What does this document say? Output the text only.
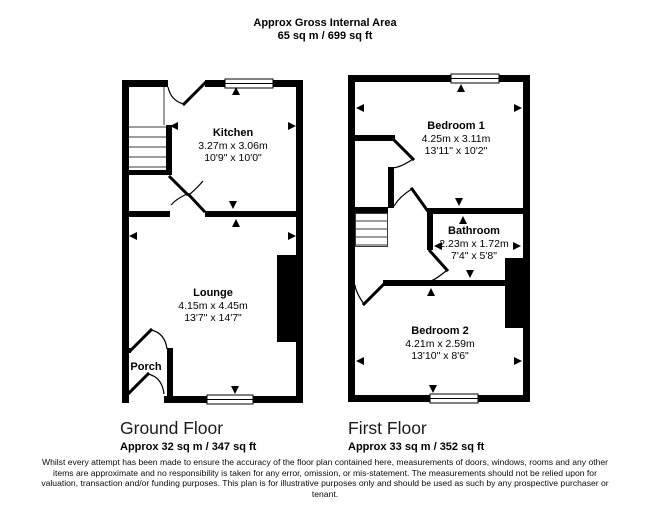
Approx Gross Internal Area
65 sq m / 699 sq ft
Kitchen
3.27m x 3.06m
10'9" x 10'0"
Lounge
4.15m x 4.45m
13'7" x 14'7"
Porch
Bedroom 1
4.25m x 3.11m
13'11" x 10'2"
Bathroom
2.23m x 1.72m
7'4" x 5'8"
Bedroom 2
4.21m x 2.59m
13'10" x 8'6"
Ground Floor
Approx 32 sq m / 347 sq ft
First Floor
Approx 33 sq m / 352 sq ft
Whilst every attempt has been made to ensure the accuracy of the floor plan contained here, measurements of doors, windows, rooms and any other items are approximate and no responsibility is taken for any error, omission, or mis-statement. The measurements should not be relied upon for valuation, transaction and/or funding purposes. This plan is for illustrative purposes only and should be used as such by any prospective purchaser or tenant.
